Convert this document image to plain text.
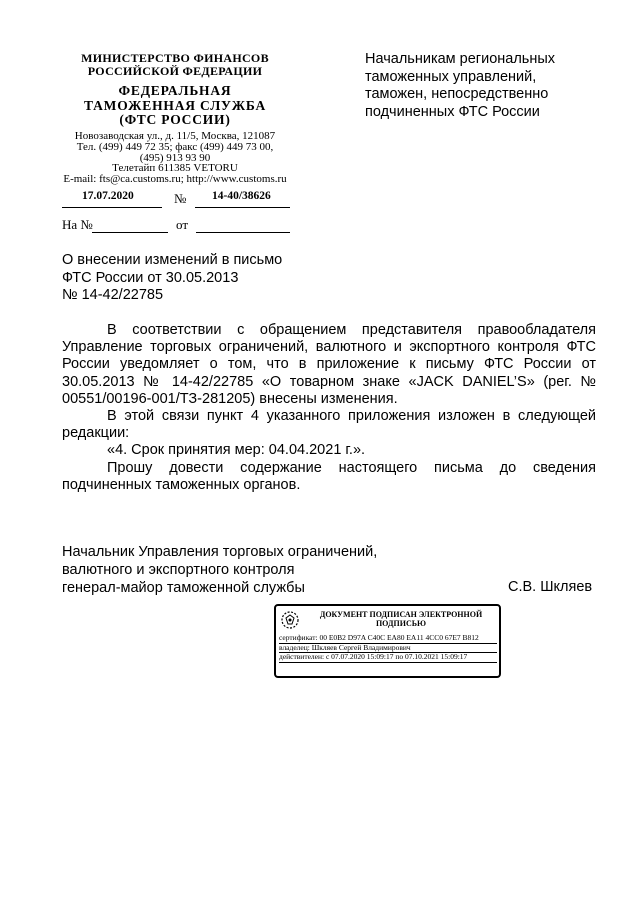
МИНИСТЕРСТВО ФИНАНСОВ
РОССИЙСКОЙ ФЕДЕРАЦИИ
ФЕДЕРАЛЬНАЯ
ТАМОЖЕННАЯ СЛУЖБА
(ФТС РОССИИ)
Новозаводская ул., д. 11/5, Москва, 121087
Тел. (499) 449 72 35; факс (499) 449 73 00,
(495) 913 93 90
Телетайп 611385 VETORU
E-mail: fts@ca.customs.ru; http://www.customs.ru
17.07.2020	№ 14-40/38626
На №	от
Начальникам региональных
таможенных управлений,
таможен, непосредственно
подчиненных ФТС России
О внесении изменений в письмо
ФТС России от 30.05.2013
№ 14-42/22785

В соответствии с обращением представителя правообладателя Управление торговых ограничений, валютного и экспортного контроля ФТС России уведомляет о том, что в приложение к письму ФТС России от 30.05.2013 № 14-42/22785 «О товарном знаке «JACK DANIEL’S» (рег. № 00551/00196-001/ТЗ-281205) внесены изменения.

В этой связи пункт 4 указанного приложения изложен в следующей редакции:

«4. Срок принятия мер: 04.04.2021 г.».

Прошу довести содержание настоящего письма до сведения подчиненных таможенных органов.

Начальник Управления торговых ограничений,
валютного и экспортного контроля
генерал-майор таможенной службы	С.В. Шкляев
ДОКУМЕНТ ПОДПИСАН ЭЛЕКТРОННОЙ ПОДПИСЬЮ
сертификат: 00 E0B2 D97A C40C EA80 EA11 4CC0 67E7 B812
владелец: Шкляев Сергей Владимирович
действителен: с 07.07.2020 15:09:17 по 07.10.2021 15:09:17
